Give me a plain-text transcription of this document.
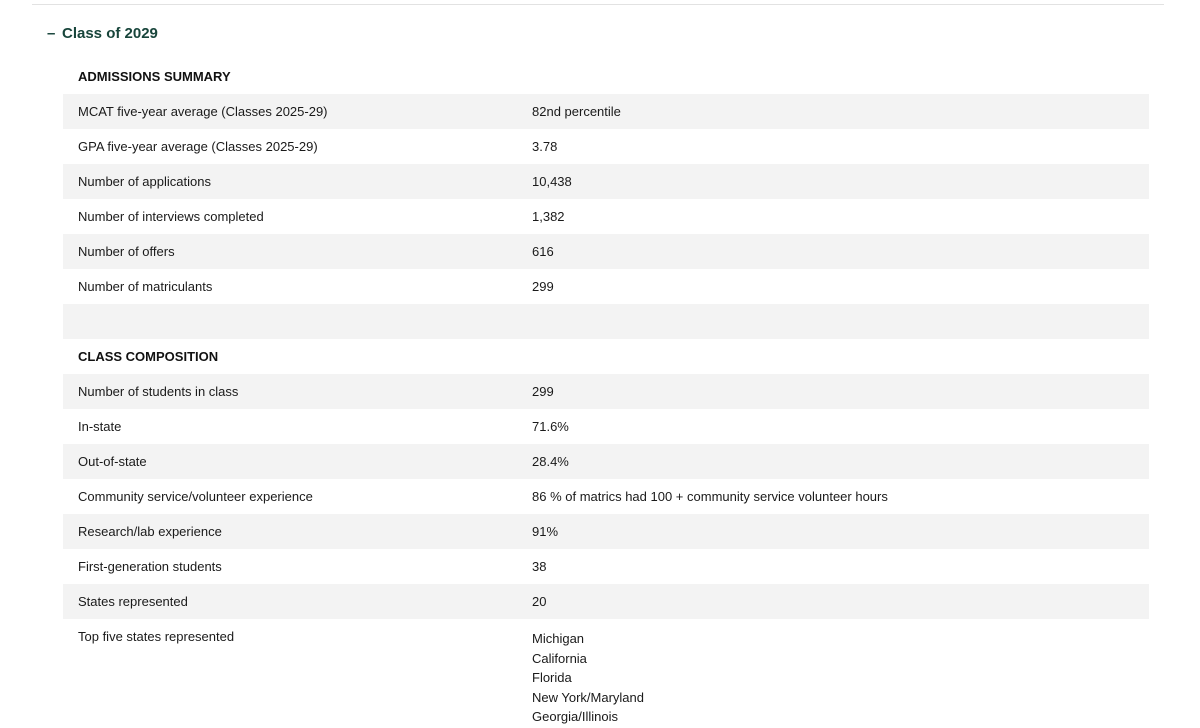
– Class of 2029
ADMISSIONS SUMMARY
MCAT five-year average (Classes 2025-29)	82nd percentile
GPA five-year average (Classes 2025-29)	3.78
Number of applications	10,438
Number of interviews completed	1,382
Number of offers	616
Number of matriculants	299
CLASS COMPOSITION
Number of students in class	299
In-state	71.6%
Out-of-state	28.4%
Community service/volunteer experience	86 % of matrics had 100 + community service volunteer hours
Research/lab experience	91%
First-generation students	38
States represented	20
Top five states represented	Michigan
California
Florida
New York/Maryland
Georgia/Illinois
